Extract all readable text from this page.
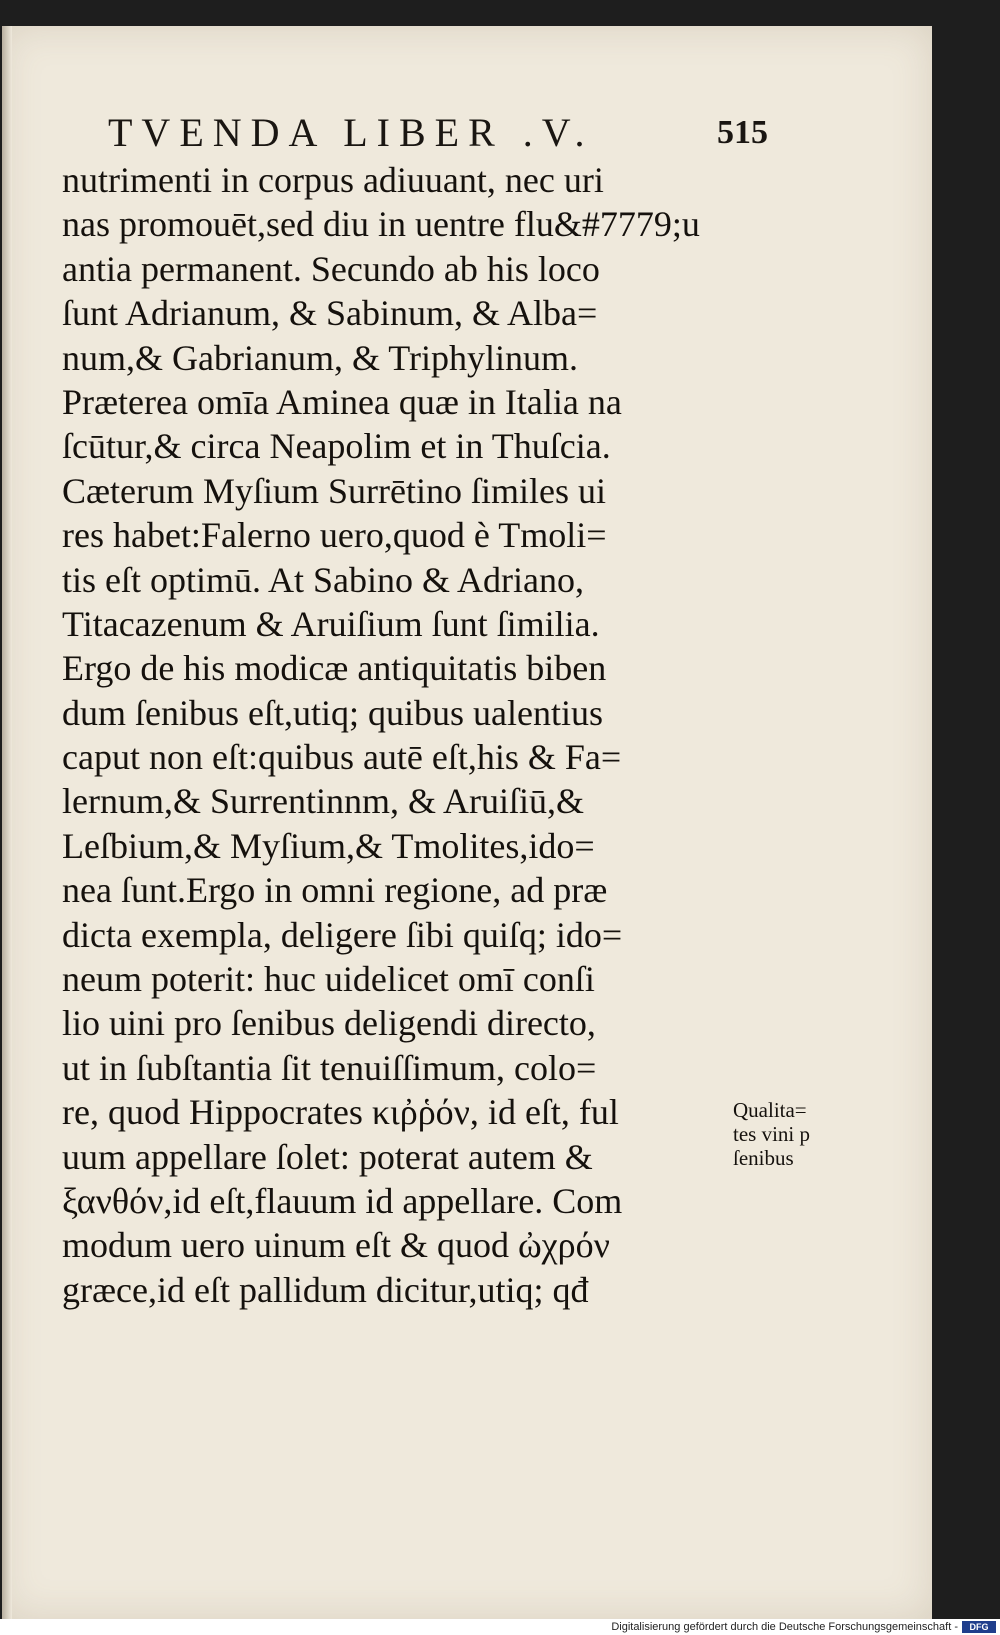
TVENDA LIBER .V.	515
nutrimenti in corpus adiuuant, nec uri
nas promouēt,sed diu in uentre flu&#7779;u
antia permanent. Secundo ab his loco
ſunt Adrianum, & Sabinum, & Alba=
num,& Gabrianum, & Triphylinum.
Præterea omīa Aminea quæ in Italia na
ſcūtur,& circa Neapolim et in Thuſcia.
Cæterum Myſium Surrētino ſimiles ui
res habet:Falerno uero,quod è Tmoli=
tis eſt optimū. At Sabino & Adriano,
Titacazenum & Aruiſium ſunt ſimilia.
Ergo de his modicæ antiquitatis biben
dum ſenibus eſt,utiq; quibus ualentius
caput non eſt:quibus autē eſt,his & Fa=
lernum,& Surrentinnm, & Aruiſiū,&
Leſbium,& Myſium,& Tmolites,ido=
nea ſunt.Ergo in omni regione, ad præ
dicta exempla, deligere ſibi quiſq; ido=
neum poterit: huc uidelicet omī conſi
lio uini pro ſenibus deligendi directo,
ut in ſubſtantia ſit tenuiſſimum, colo=
re, quod Hippocrates κιῤῥόν, id eſt, ful
uum appellare ſolet: poterat autem &
ξανθόν,id eſt,flauum id appellare. Com
modum uero uinum eſt & quod ὠχρόν
græce,id eſt pallidum dicitur,utiq; qđ
Qualita=
tes vini p
ſenibus
Digitalisierung gefördert durch die Deutsche Forschungsgemeinschaft -	DFG
